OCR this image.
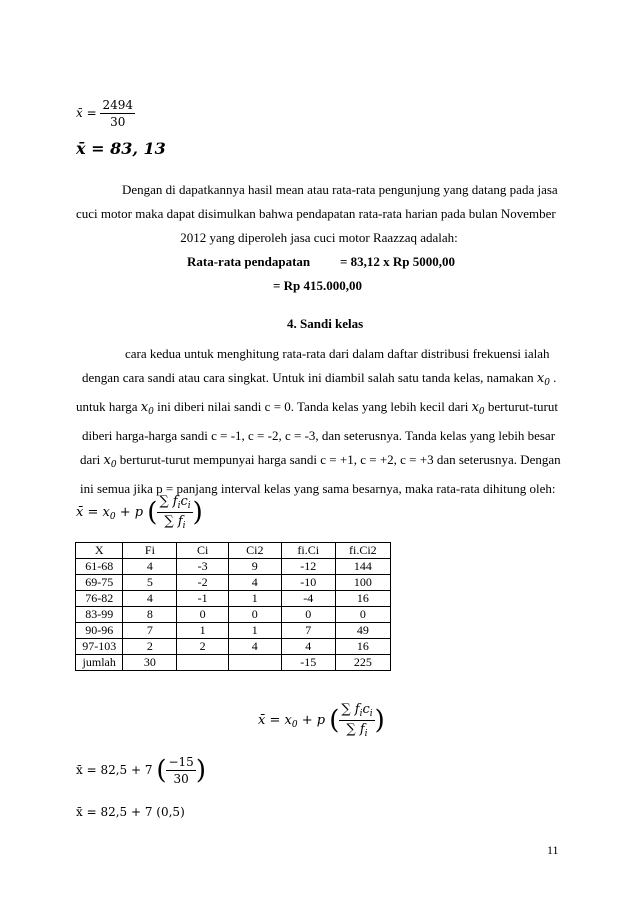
x̄ = $\frac{2494}{30}$
x̄ = 83, 13
Dengan di dapatkannya hasil mean atau rata-rata pengunjung yang datang pada jasa
cuci motor maka dapat disimulkan bahwa pendapatan rata-rata harian pada bulan November
2012 yang diperoleh jasa cuci motor Raazzaq adalah:
Rata-rata pendapatan = 83,12 x Rp 5000,00
= Rp 415.000,00
4. Sandi kelas
cara kedua untuk menghitung rata-rata dari dalam daftar distribusi frekuensi ialah
dengan cara sandi atau cara singkat. Untuk ini diambil salah satu tanda kelas, namakan $x_0$ .
untuk harga $x_0$ ini diberi nilai sandi c = 0. Tanda kelas yang lebih kecil dari $x_0$ berturut-turut
diberi harga-harga sandi c = -1, c = -2, c = -3, dan seterusnya. Tanda kelas yang lebih besar
dari $x_0$ berturut-turut mempunyai harga sandi c = +1, c = +2, c = +3 dan seterusnya. Dengan
ini semua jika p = panjang interval kelas yang sama besarnya, maka rata-rata dihitung oleh:
x̄ = $x_0 + p$ ( $\frac{\sum f_ic_i}{\sum f_i}$ )
X	Fi	Ci	Ci2	fi.Ci	fi.Ci2
61-68	4	-3	9	-12	144
69-75	5	-2	4	-10	100
76-82	4	-1	1	-4	16
83-99	8	0	0	0	0
90-96	7	1	1	7	49
97-103	2	2	4	4	16
jumlah	30			-15	225
x̄ = $x_0 + p$ ( $\frac{\sum f_ic_i}{\sum f_i}$ )
x̄ = 82,5 + 7 ( $\frac{-15}{30}$ )
x̄ = 82,5 + 7 (0,5)
11
